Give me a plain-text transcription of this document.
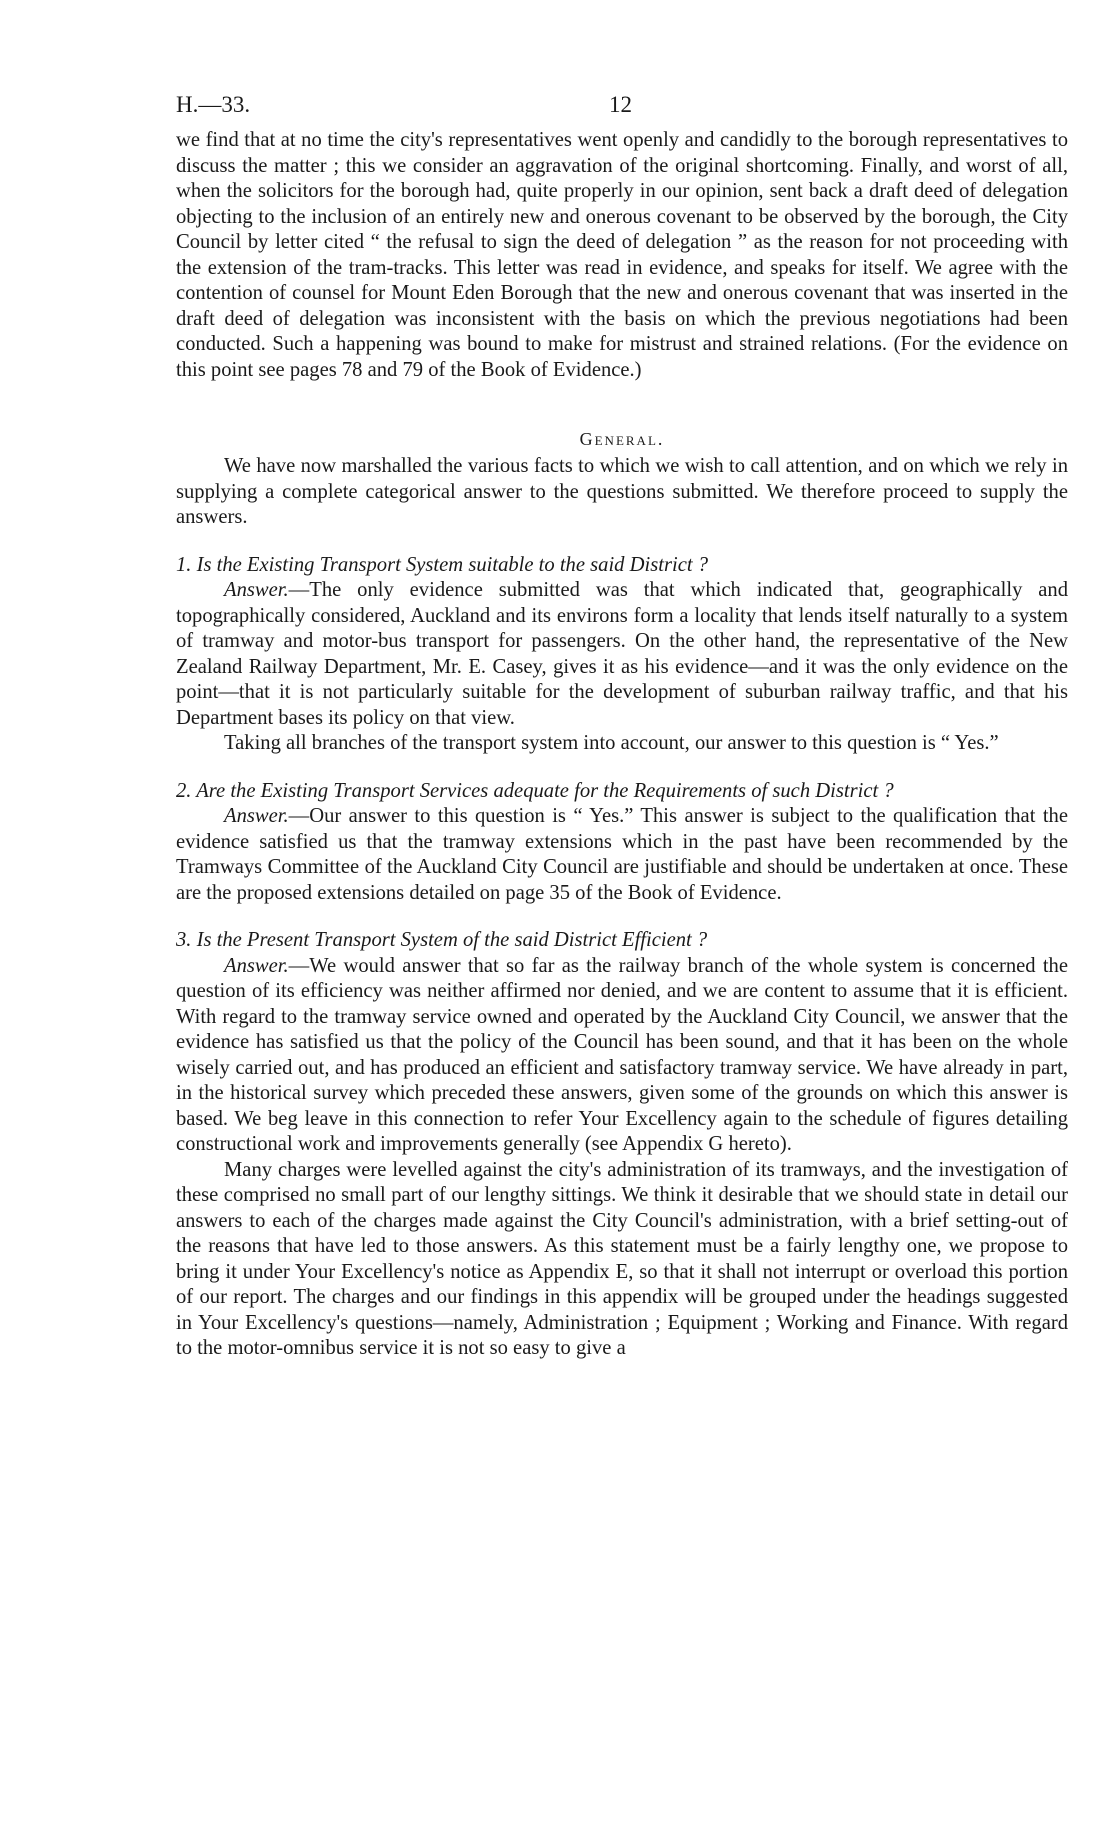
H.—33.	12

we find that at no time the city's representatives went openly and candidly to the borough representatives to discuss the matter ; this we consider an aggravation of the original shortcoming. Finally, and worst of all, when the solicitors for the borough had, quite properly in our opinion, sent back a draft deed of delegation objecting to the inclusion of an entirely new and onerous covenant to be observed by the borough, the City Council by letter cited “ the refusal to sign the deed of delegation ” as the reason for not proceeding with the extension of the tram-tracks. This letter was read in evidence, and speaks for itself. We agree with the contention of counsel for Mount Eden Borough that the new and onerous covenant that was inserted in the draft deed of delegation was inconsistent with the basis on which the previous negotiations had been conducted. Such a happening was bound to make for mistrust and strained relations. (For the evidence on this point see pages 78 and 79 of the Book of Evidence.)

General.

We have now marshalled the various facts to which we wish to call attention, and on which we rely in supplying a complete categorical answer to the questions submitted. We therefore proceed to supply the answers.

1. Is the Existing Transport System suitable to the said District ?

Answer.—The only evidence submitted was that which indicated that, geographically and topographically considered, Auckland and its environs form a locality that lends itself naturally to a system of tramway and motor-bus transport for passengers. On the other hand, the representative of the New Zealand Railway Department, Mr. E. Casey, gives it as his evidence—and it was the only evidence on the point—that it is not particularly suitable for the development of suburban railway traffic, and that his Department bases its policy on that view.

Taking all branches of the transport system into account, our answer to this question is “ Yes.”

2. Are the Existing Transport Services adequate for the Requirements of such District ?

Answer.—Our answer to this question is “ Yes.” This answer is subject to the qualification that the evidence satisfied us that the tramway extensions which in the past have been recommended by the Tramways Committee of the Auckland City Council are justifiable and should be undertaken at once. These are the proposed extensions detailed on page 35 of the Book of Evidence.

3. Is the Present Transport System of the said District Efficient ?

Answer.—We would answer that so far as the railway branch of the whole system is concerned the question of its efficiency was neither affirmed nor denied, and we are content to assume that it is efficient. With regard to the tramway service owned and operated by the Auckland City Council, we answer that the evidence has satisfied us that the policy of the Council has been sound, and that it has been on the whole wisely carried out, and has produced an efficient and satisfactory tramway service. We have already in part, in the historical survey which preceded these answers, given some of the grounds on which this answer is based. We beg leave in this connection to refer Your Excellency again to the schedule of figures detailing constructional work and improvements generally (see Appendix G hereto).

Many charges were levelled against the city's administration of its tramways, and the investigation of these comprised no small part of our lengthy sittings. We think it desirable that we should state in detail our answers to each of the charges made against the City Council's administration, with a brief setting-out of the reasons that have led to those answers. As this statement must be a fairly lengthy one, we propose to bring it under Your Excellency's notice as Appendix E, so that it shall not interrupt or overload this portion of our report. The charges and our findings in this appendix will be grouped under the headings suggested in Your Excellency's questions—namely, Administration ; Equipment ; Working and Finance. With regard to the motor-omnibus service it is not so easy to give a
